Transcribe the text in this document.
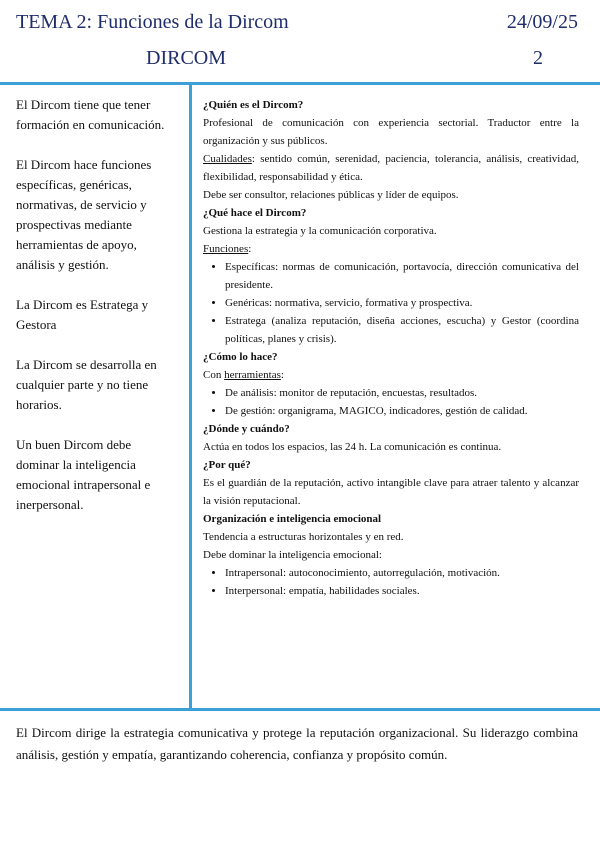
TEMA 2: Funciones de la Dircom	24/09/25
DIRCOM	2

El Dircom tiene que tener formación en comunicación.

El Dircom hace funciones específicas, genéricas, normativas, de servicio y prospectivas mediante herramientas de apoyo, análisis y gestión.

La Dircom es Estratega y Gestora

La Dircom se desarrolla en cualquier parte y no tiene horarios.

Un buen Dircom debe dominar la inteligencia emocional intrapersonal e inerpersonal.

¿Quién es el Dircom?

Profesional de comunicación con experiencia sectorial. Traductor entre la organización y sus públicos.

Cualidades: sentido común, serenidad, paciencia, tolerancia, análisis, creatividad, flexibilidad, responsabilidad y ética.

Debe ser consultor, relaciones públicas y líder de equipos.

¿Qué hace el Dircom?

Gestiona la estrategia y la comunicación corporativa.

Funciones:

• Específicas: normas de comunicación, portavocía, dirección comunicativa del presidente.
• Genéricas: normativa, servicio, formativa y prospectiva.
• Estratega (analiza reputación, diseña acciones, escucha) y Gestor (coordina políticas, planes y crisis).
¿Cómo lo hace?

Con herramientas:

• De análisis: monitor de reputación, encuestas, resultados.
• De gestión: organigrama, MAGICO, indicadores, gestión de calidad.
¿Dónde y cuándo?

Actúa en todos los espacios, las 24 h. La comunicación es continua.

¿Por qué?

Es el guardián de la reputación, activo intangible clave para atraer talento y alcanzar la visión reputacional.

Organización e inteligencia emocional

Tendencia a estructuras horizontales y en red.

Debe dominar la inteligencia emocional:

• Intrapersonal: autoconocimiento, autorregulación, motivación.
• Interpersonal: empatía, habilidades sociales.

El Dircom dirige la estrategia comunicativa y protege la reputación organizacional. Su liderazgo combina análisis, gestión y empatía, garantizando coherencia, confianza y propósito común.
